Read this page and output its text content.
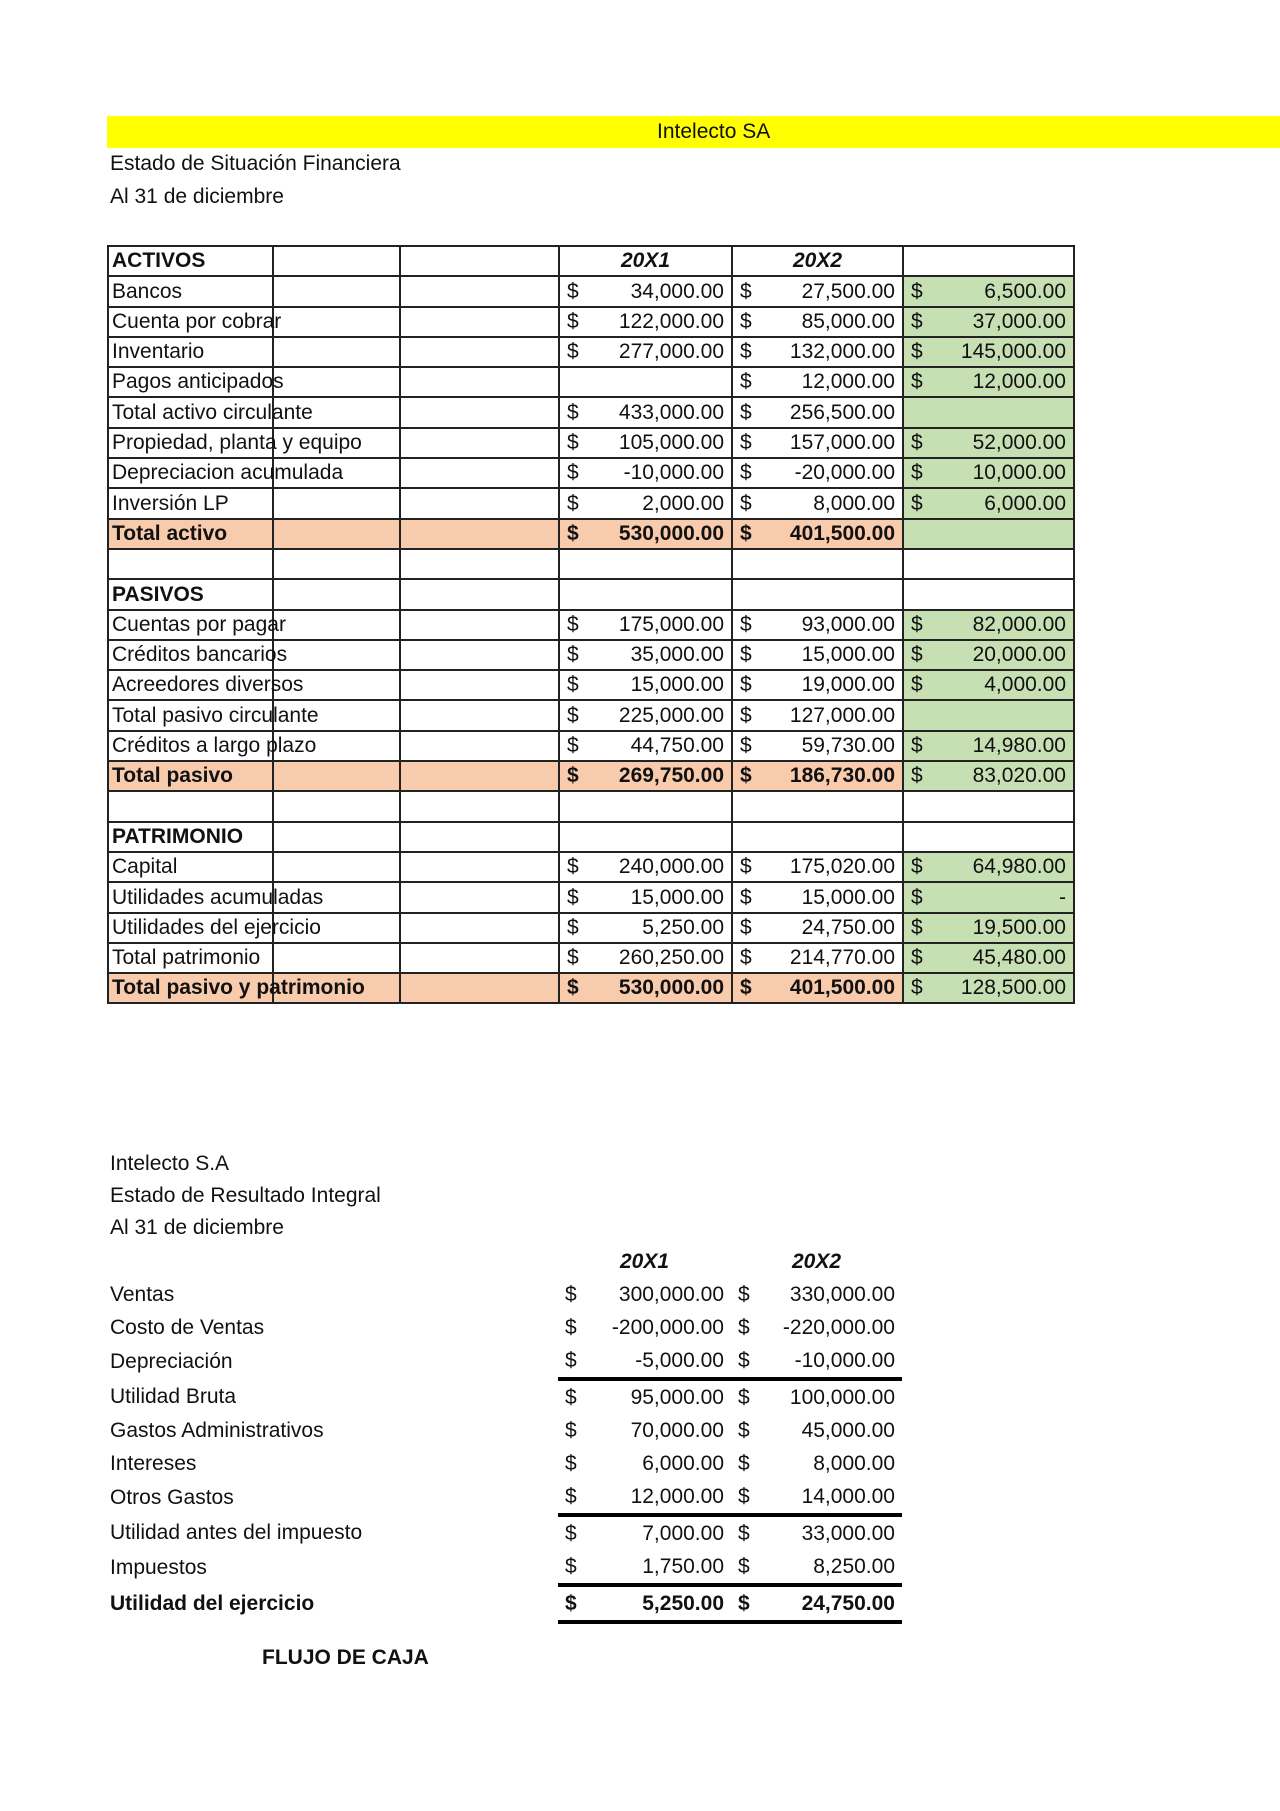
Intelecto SA
Estado de Situación Financiera
Al 31 de diciembre
ACTIVOS			20X1	20X2	

Bancos			$ 34,000.00	$ 27,500.00	$ 6,500.00

Cuenta por cobrar			$ 122,000.00	$ 85,000.00	$ 37,000.00

Inventario			$ 277,000.00	$ 132,000.00	$ 145,000.00

Pagos anticipados				$ 12,000.00	$ 12,000.00

Total activo circulante			$ 433,000.00	$ 256,500.00	

Propiedad, planta y equipo			$ 105,000.00	$ 157,000.00	$ 52,000.00

Depreciacion acumulada			$ -10,000.00	$ -20,000.00	$ 10,000.00

Inversión LP			$ 2,000.00	$ 8,000.00	$ 6,000.00

Total activo			$ 530,000.00	$ 401,500.00	

PASIVOS					

Cuentas por pagar			$ 175,000.00	$ 93,000.00	$ 82,000.00

Créditos bancarios			$ 35,000.00	$ 15,000.00	$ 20,000.00

Acreedores diversos			$ 15,000.00	$ 19,000.00	$ 4,000.00

Total pasivo circulante			$ 225,000.00	$ 127,000.00	

Créditos a largo plazo			$ 44,750.00	$ 59,730.00	$ 14,980.00

Total pasivo			$ 269,750.00	$ 186,730.00	$ 83,020.00

PATRIMONIO					

Capital			$ 240,000.00	$ 175,020.00	$ 64,980.00

Utilidades acumuladas			$ 15,000.00	$ 15,000.00	$ -

Utilidades del ejercicio			$ 5,250.00	$ 24,750.00	$ 19,500.00

Total patrimonio			$ 260,250.00	$ 214,770.00	$ 45,480.00

Total pasivo y patrimonio			$ 530,000.00	$ 401,500.00	$ 128,500.00
Intelecto S.A
Estado de Resultado Integral
Al 31 de diciembre
	20X1	20X2
Ventas	$ 300,000.00	$ 330,000.00

Costo de Ventas	$ -200,000.00	$ -220,000.00

Depreciación	$ -5,000.00	$ -10,000.00

Utilidad Bruta	$ 95,000.00	$ 100,000.00

Gastos Administrativos	$ 70,000.00	$ 45,000.00

Intereses	$ 6,000.00	$ 8,000.00

Otros Gastos	$ 12,000.00	$ 14,000.00

Utilidad antes del impuesto	$ 7,000.00	$ 33,000.00

Impuestos	$ 1,750.00	$ 8,250.00

Utilidad del ejercicio	$ 5,250.00	$ 24,750.00
FLUJO DE CAJA
